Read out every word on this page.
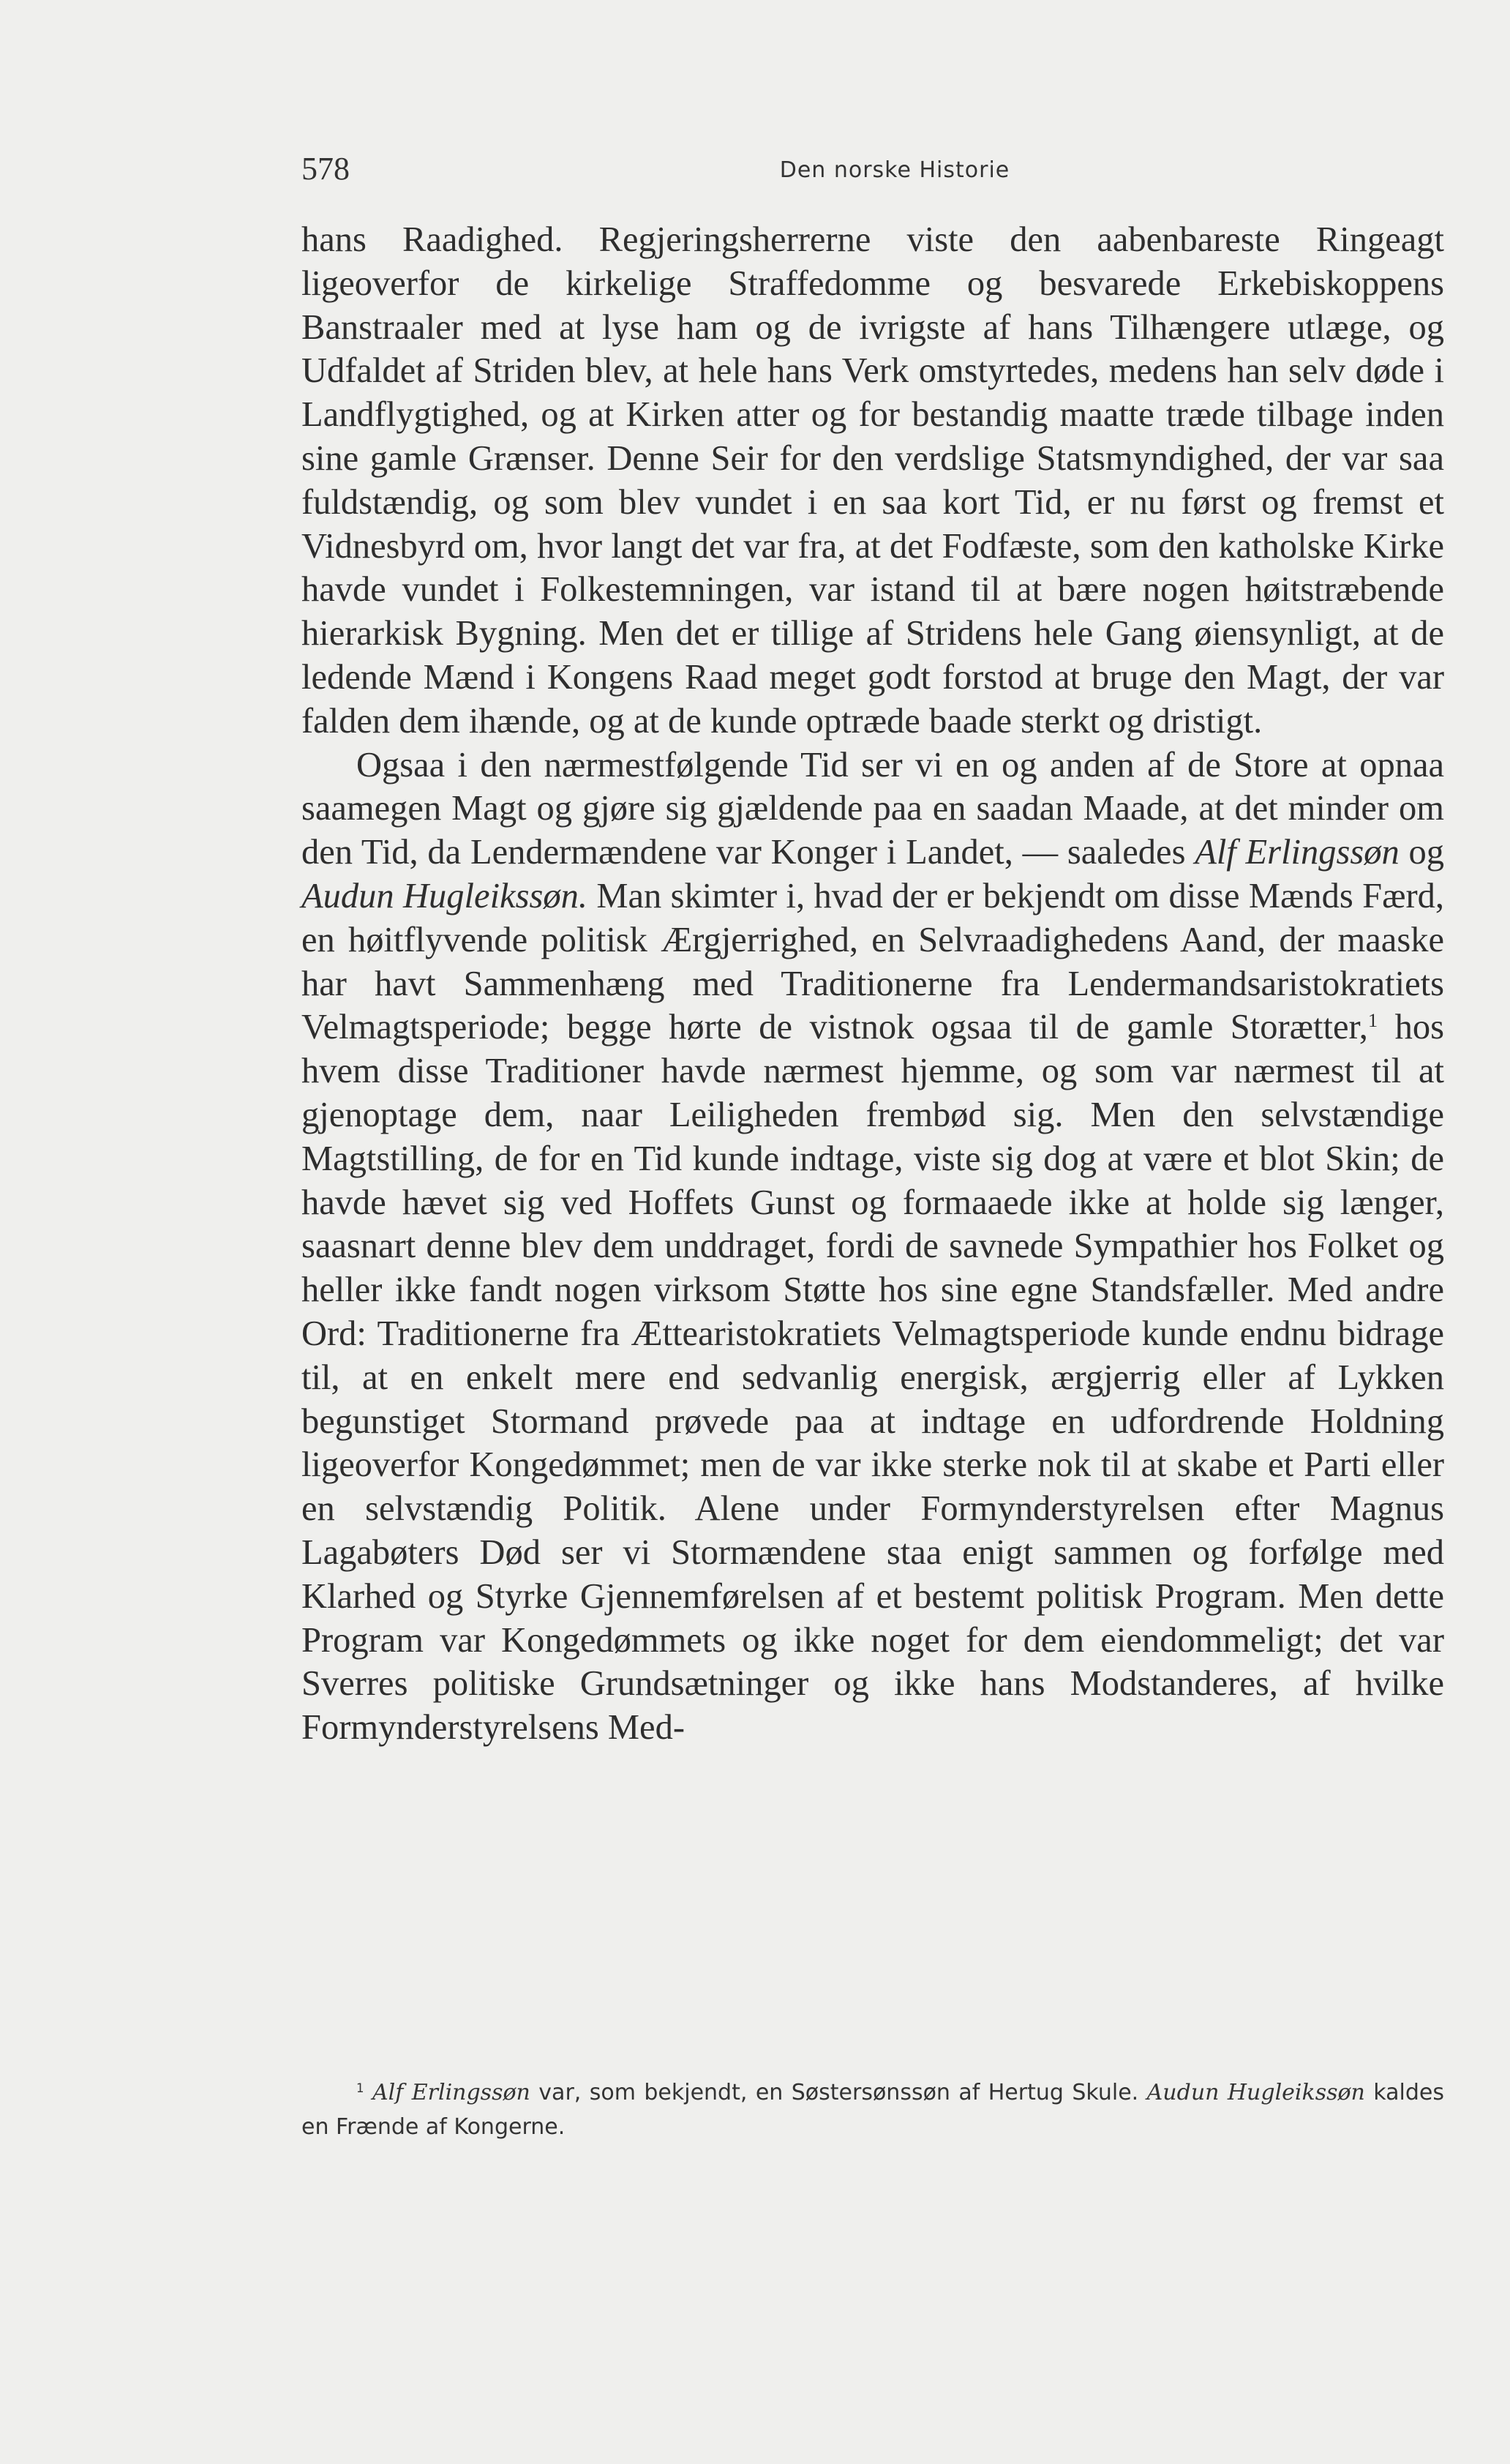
578	Den norske Historie

hans Raadighed. Regjeringsherrerne viste den aabenbareste Ringeagt ligeoverfor de kirkelige Straffedomme og besvarede Erkebiskoppens Banstraaler med at lyse ham og de ivrigste af hans Tilhængere utlæge, og Udfaldet af Striden blev, at hele hans Verk omstyrtedes, medens han selv døde i Landflygtighed, og at Kirken atter og for bestandig maatte træde tilbage inden sine gamle Grænser. Denne Seir for den verdslige Statsmyndighed, der var saa fuldstændig, og som blev vundet i en saa kort Tid, er nu først og fremst et Vidnesbyrd om, hvor langt det var fra, at det Fodfæste, som den katholske Kirke havde vundet i Folkestemningen, var istand til at bære nogen høitstræbende hierarkisk Bygning. Men det er tillige af Stridens hele Gang øiensynligt, at de ledende Mænd i Kongens Raad meget godt forstod at bruge den Magt, der var falden dem ihænde, og at de kunde optræde baade sterkt og dristigt.

Ogsaa i den nærmestfølgende Tid ser vi en og anden af de Store at opnaa saamegen Magt og gjøre sig gjældende paa en saadan Maade, at det minder om den Tid, da Lendermændene var Konger i Landet, — saaledes Alf Erlingssøn og Audun Hugleikssøn. Man skimter i, hvad der er bekjendt om disse Mænds Færd, en høitflyvende politisk Ærgjerrighed, en Selvraadighedens Aand, der maaske har havt Sammenhæng med Traditionerne fra Lendermandsaristokratiets Velmagtsperiode; begge hørte de vistnok ogsaa til de gamle Storætter,$^1$ hos hvem disse Traditioner havde nærmest hjemme, og som var nærmest til at gjenoptage dem, naar Leiligheden frembød sig. Men den selvstændige Magtstilling, de for en Tid kunde indtage, viste sig dog at være et blot Skin; de havde hævet sig ved Hoffets Gunst og formaaede ikke at holde sig længer, saasnart denne blev dem unddraget, fordi de savnede Sympathier hos Folket og heller ikke fandt nogen virksom Støtte hos sine egne Standsfæller. Med andre Ord: Traditionerne fra Ættearistokratiets Velmagtsperiode kunde endnu bidrage til, at en enkelt mere end sedvanlig energisk, ærgjerrig eller af Lykken begunstiget Stormand prøvede paa at indtage en udfordrende Holdning ligeoverfor Kongedømmet; men de var ikke sterke nok til at skabe et Parti eller en selvstændig Politik. Alene under Formynderstyrelsen efter Magnus Lagabøters Død ser vi Stormændene staa enigt sammen og forfølge med Klarhed og Styrke Gjennemførelsen af et bestemt politisk Program. Men dette Program var Kongedømmets og ikke noget for dem eiendommeligt; det var Sverres politiske Grundsætninger og ikke hans Modstanderes, af hvilke Formynderstyrelsens Med-

$^1$ Alf Erlingssøn var, som bekjendt, en Søstersønssøn af Hertug Skule. Audun Hugleikssøn kaldes en Frænde af Kongerne.
